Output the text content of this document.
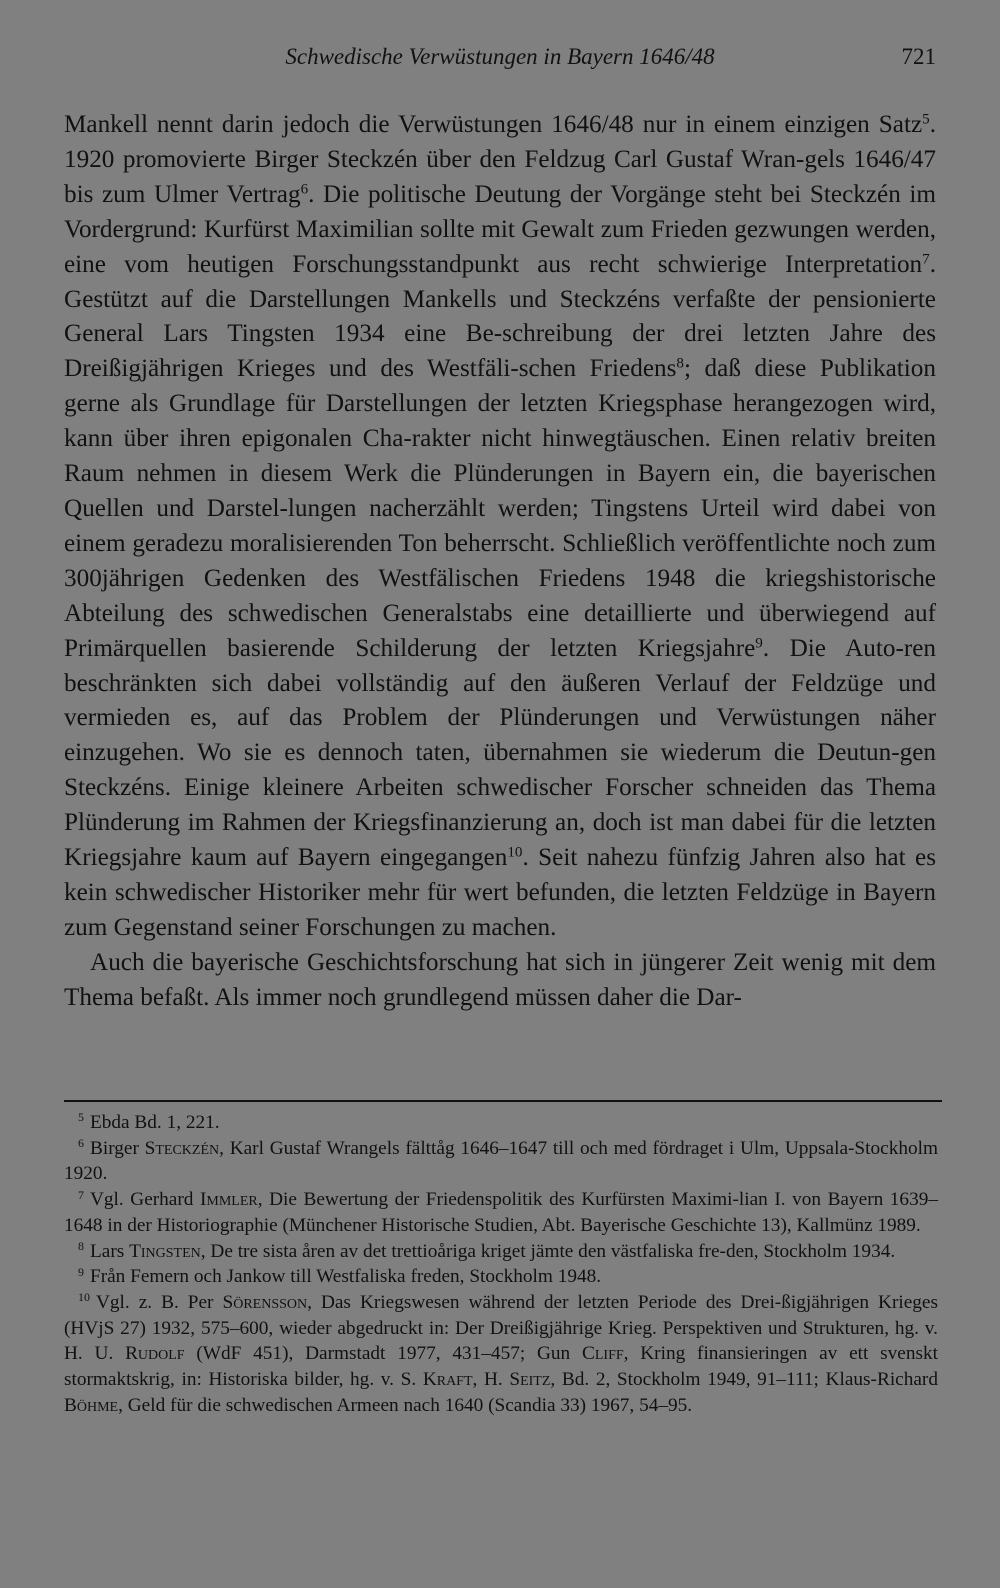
Schwedische Verwüstungen in Bayern 1646/48	721

Mankell nennt darin jedoch die Verwüstungen 1646/48 nur in einem einzigen Satz$^5$. 1920 promovierte Birger Steckzén über den Feldzug Carl Gustaf Wran-gels 1646/47 bis zum Ulmer Vertrag$^6$. Die politische Deutung der Vorgänge steht bei Steckzén im Vordergrund: Kurfürst Maximilian sollte mit Gewalt zum Frieden gezwungen werden, eine vom heutigen Forschungsstandpunkt aus recht schwierige Interpretation$^7$. Gestützt auf die Darstellungen Mankells und Steckzéns verfaßte der pensionierte General Lars Tingsten 1934 eine Be-schreibung der drei letzten Jahre des Dreißigjährigen Krieges und des Westfäli-schen Friedens$^8$; daß diese Publikation gerne als Grundlage für Darstellungen der letzten Kriegsphase herangezogen wird, kann über ihren epigonalen Cha-rakter nicht hinwegtäuschen. Einen relativ breiten Raum nehmen in diesem Werk die Plünderungen in Bayern ein, die bayerischen Quellen und Darstel-lungen nacherzählt werden; Tingstens Urteil wird dabei von einem geradezu moralisierenden Ton beherrscht. Schließlich veröffentlichte noch zum 300jährigen Gedenken des Westfälischen Friedens 1948 die kriegshistorische Abteilung des schwedischen Generalstabs eine detaillierte und überwiegend auf Primärquellen basierende Schilderung der letzten Kriegsjahre$^9$. Die Auto-ren beschränkten sich dabei vollständig auf den äußeren Verlauf der Feldzüge und vermieden es, auf das Problem der Plünderungen und Verwüstungen näher einzugehen. Wo sie es dennoch taten, übernahmen sie wiederum die Deutun-gen Steckzéns. Einige kleinere Arbeiten schwedischer Forscher schneiden das Thema Plünderung im Rahmen der Kriegsfinanzierung an, doch ist man dabei für die letzten Kriegsjahre kaum auf Bayern eingegangen$^{10}$. Seit nahezu fünfzig Jahren also hat es kein schwedischer Historiker mehr für wert befunden, die letzten Feldzüge in Bayern zum Gegenstand seiner Forschungen zu machen.

Auch die bayerische Geschichtsforschung hat sich in jüngerer Zeit wenig mit dem Thema befaßt. Als immer noch grundlegend müssen daher die Dar-

$^5$ Ebda Bd. 1, 221.

$^6$ Birger Steckzén, Karl Gustaf Wrangels fälttåg 1646–1647 till och med fördraget i Ulm, Uppsala-Stockholm 1920.

$^7$ Vgl. Gerhard Immler, Die Bewertung der Friedenspolitik des Kurfürsten Maximi-lian I. von Bayern 1639–1648 in der Historiographie (Münchener Historische Studien, Abt. Bayerische Geschichte 13), Kallmünz 1989.

$^8$ Lars Tingsten, De tre sista åren av det trettioåriga kriget jämte den västfaliska fre-den, Stockholm 1934.

$^9$ Från Femern och Jankow till Westfaliska freden, Stockholm 1948.

$^{10}$ Vgl. z. B. Per Sörensson, Das Kriegswesen während der letzten Periode des Drei-ßigjährigen Krieges (HVjS 27) 1932, 575–600, wieder abgedruckt in: Der Dreißigjährige Krieg. Perspektiven und Strukturen, hg. v. H. U. Rudolf (WdF 451), Darmstadt 1977, 431–457; Gun Cliff, Kring finansieringen av ett svenskt stormaktskrig, in: Historiska bilder, hg. v. S. Kraft, H. Seitz, Bd. 2, Stockholm 1949, 91–111; Klaus-Richard Böhme, Geld für die schwedischen Armeen nach 1640 (Scandia 33) 1967, 54–95.
